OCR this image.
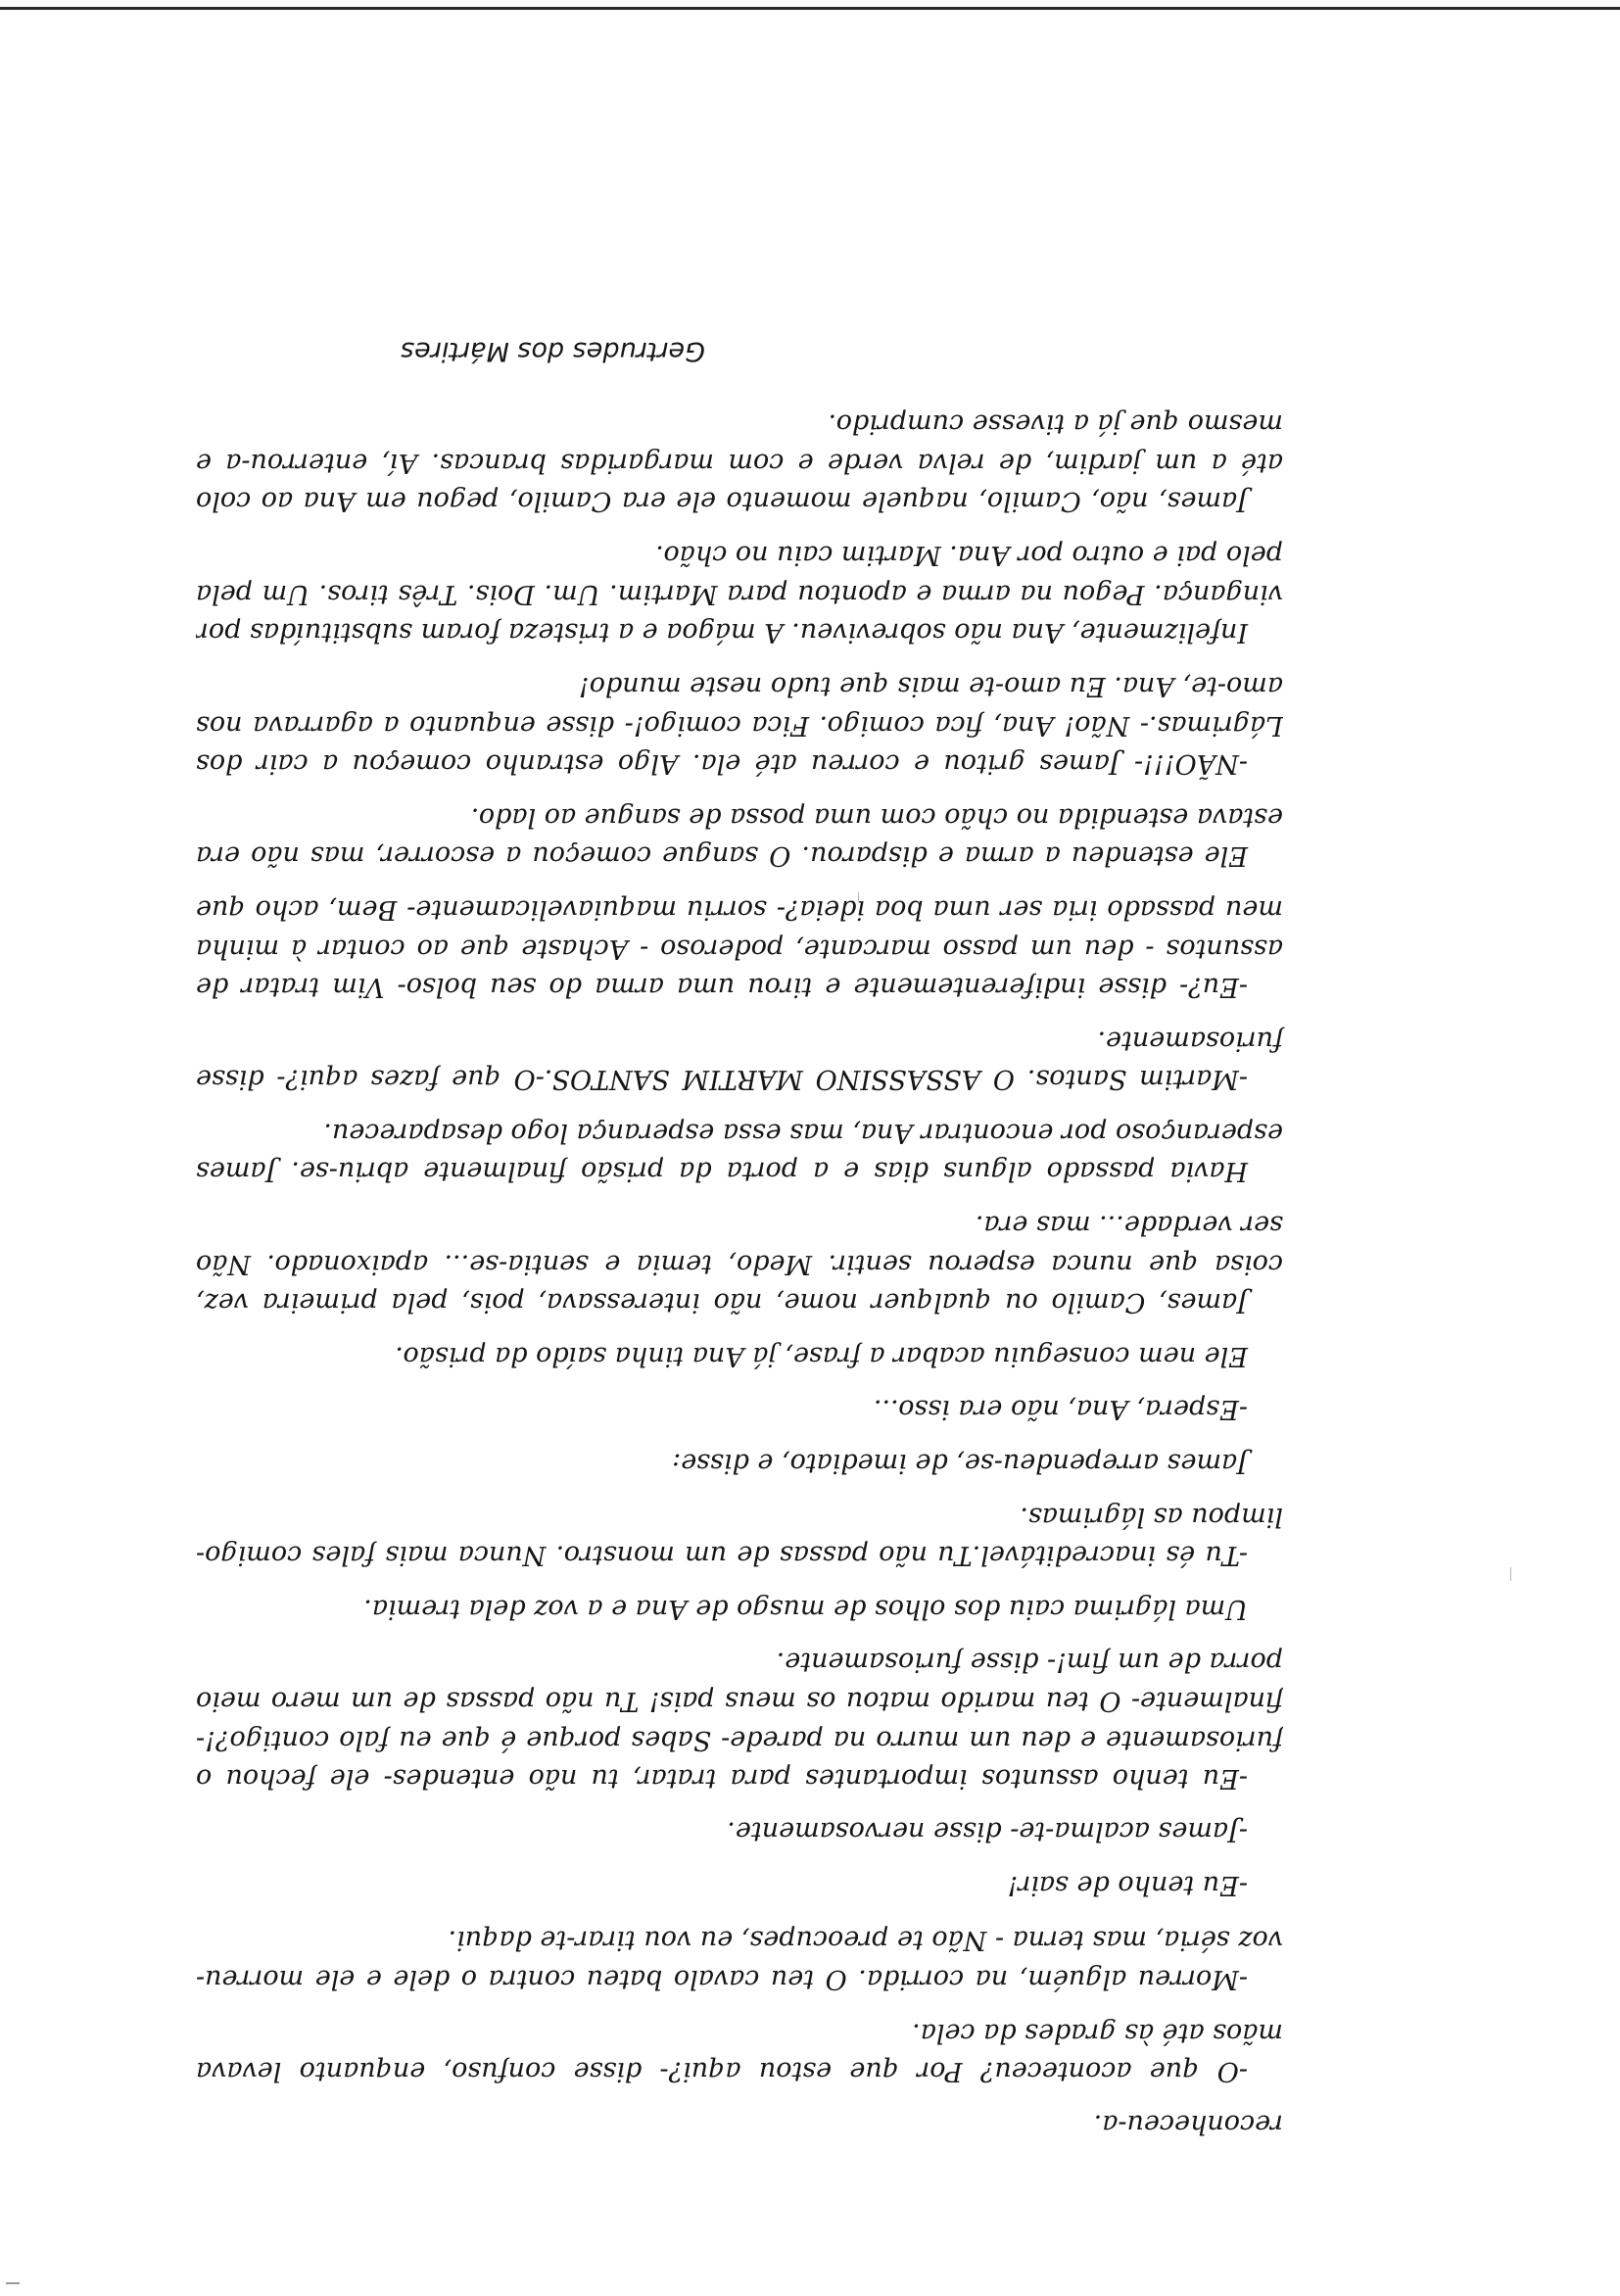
reconheceu-a.
-O que aconteceu? Por que estou aqui?- disse confuso, enquanto levava
mãos até às grades da cela.
-Morreu alguém, na corrida. O teu cavalo bateu contra o dele e ele morreu-
voz séria, mas terna - Não te preocupes, eu vou tirar-te daqui.
-Eu tenho de sair!
-James acalma-te- disse nervosamente.
-Eu tenho assuntos importantes para tratar, tu não entendes- ele fechou o
furiosamente e deu um murro na parede- Sabes porque é que eu falo contigo?!-
finalmente- O teu marido matou os meus pais! Tu não passas de um mero meio
porra de um fim!- disse furiosamente.
Uma lágrima caiu dos olhos de musgo de Ana e a voz dela tremia.
-Tu és inacreditável.Tu não passas de um monstro. Nunca mais fales comigo-
limpou as lágrimas.
James arrependeu-se, de imediato, e disse:
-Espera, Ana, não era isso...
Ele nem conseguiu acabar a frase, já Ana tinha saído da prisão.
James, Camilo ou qualquer nome, não interessava, pois, pela primeira vez,
coisa que nunca esperou sentir. Medo, temia e sentia-se... apaixonado. Não
ser verdade... mas era.
Havia passado alguns dias e a porta da prisão finalmente abriu-se. James
esperançoso por encontrar Ana, mas essa esperança logo desapareceu.
-Martim Santos. O ASSASSINO MARTIM SANTOS.-O que fazes aqui?- disse
furiosamente.
-Eu?- disse indiferentemente e tirou uma arma do seu bolso- Vim tratar de
assuntos - deu um passo marcante, poderoso - Achaste que ao contar à minha
meu passado iria ser uma boa ideia?- sorriu maquiavelicamente- Bem, acho que
Ele estendeu a arma e disparou. O sangue começou a escorrer, mas não era
estava estendida no chão com uma possa de sangue ao lado.
-NÃO!!!- James gritou e correu até ela. Algo estranho começou a cair dos
Lágrimas.- Não! Ana, fica comigo. Fica comigo!- disse enquanto a agarrava nos
amo-te, Ana. Eu amo-te mais que tudo neste mundo!
Infelizmente, Ana não sobreviveu. A mágoa e a tristeza foram substituídas por
vingança. Pegou na arma e apontou para Martim. Um. Dois. Três tiros. Um pela
pelo pai e outro por Ana. Martim caiu no chão.
James, não, Camilo, naquele momento ele era Camilo, pegou em Ana ao colo
até a um jardim, de relva verde e com margaridas brancas. Aí, enterrou-a e
mesmo que já a tivesse cumprido.
Gertrudes dos Mártires
